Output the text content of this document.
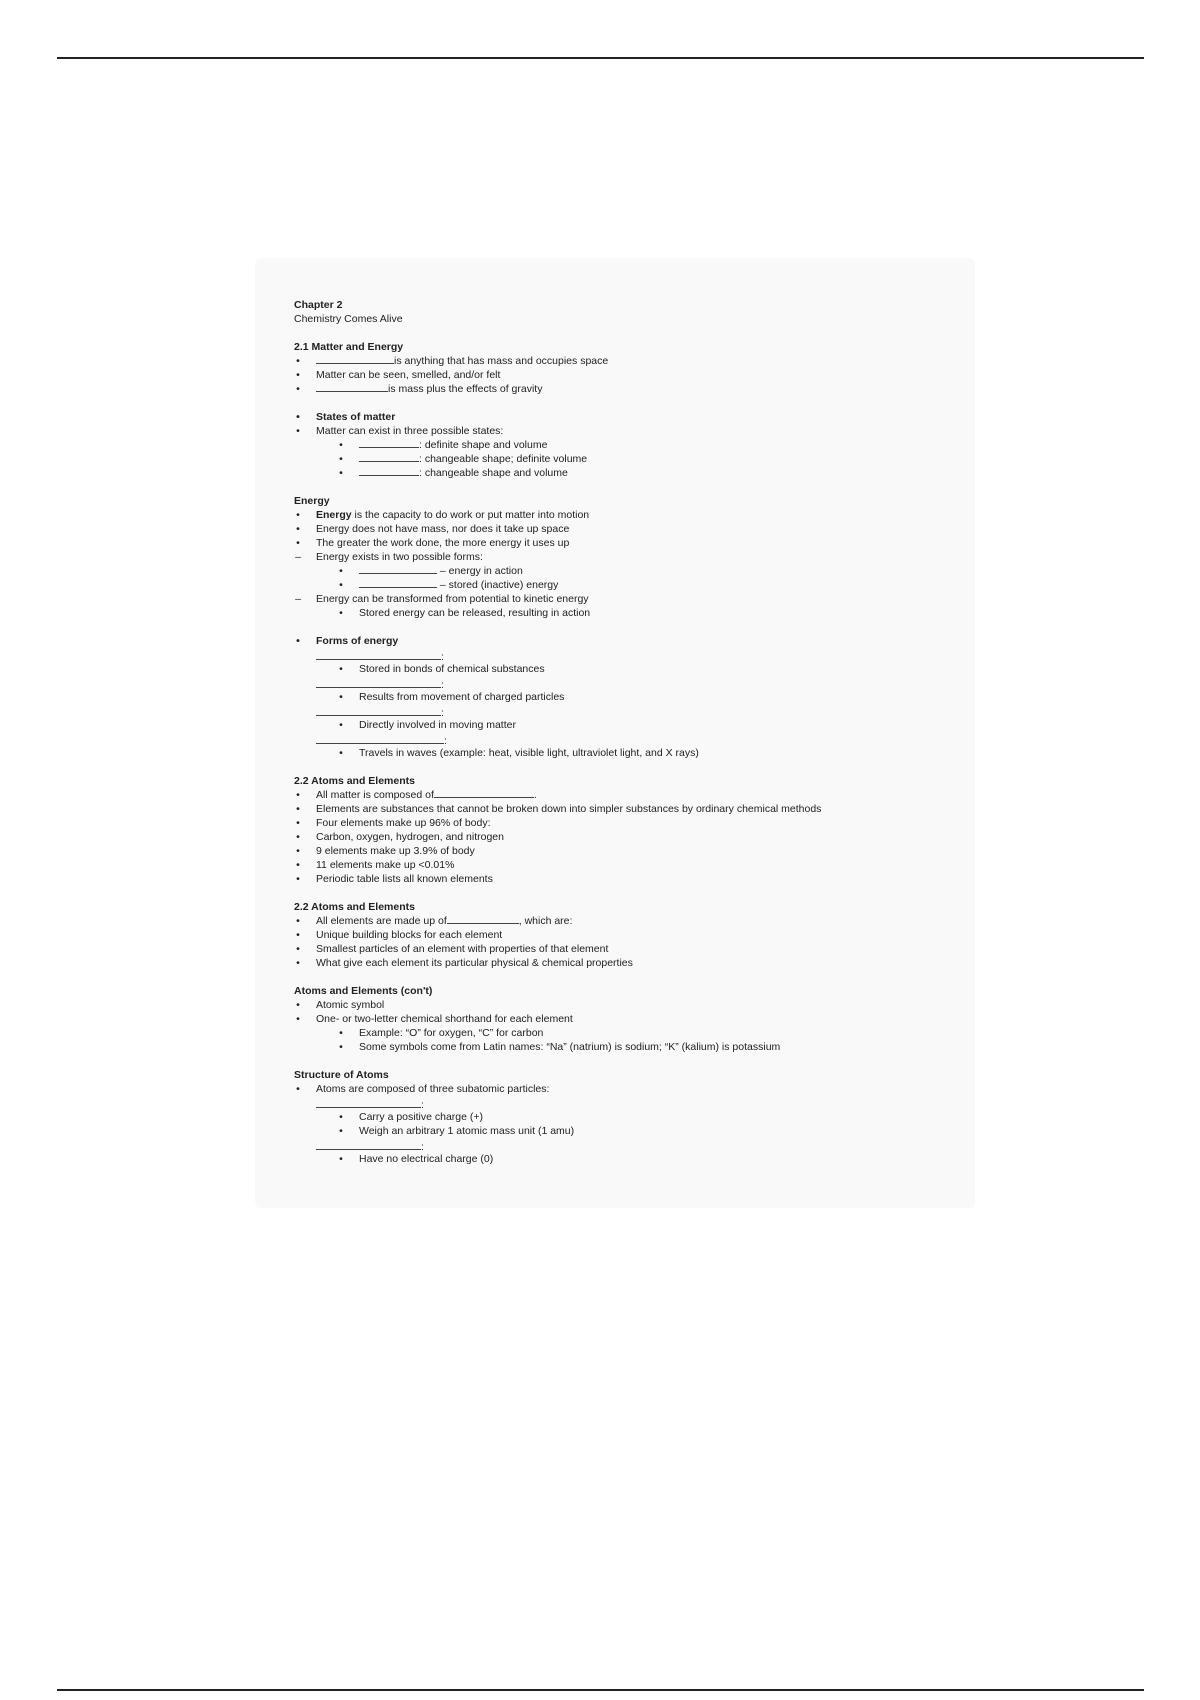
Chapter 2
Chemistry Comes Alive
2.1 Matter and Energy
•	is anything that has mass and occupies space
• Matter can be seen, smelled, and/or felt
•	is mass plus the effects of gravity
• States of matter
• Matter can exist in three possible states:
•	: definite shape and volume
•	: changeable shape; definite volume
•	: changeable shape and volume
Energy
• Energy is the capacity to do work or put matter into motion
• Energy does not have mass, nor does it take up space
• The greater the work done, the more energy it uses up
– Energy exists in two possible forms:
•	– energy in action
•	– stored (inactive) energy
– Energy can be transformed from potential to kinetic energy
• Stored energy can be released, resulting in action
• Forms of energy
:
• Stored in bonds of chemical substances
:
• Results from movement of charged particles
:
• Directly involved in moving matter
:
• Travels in waves (example: heat, visible light, ultraviolet light, and X rays)
2.2 Atoms and Elements
• All matter is composed of	.
• Elements are substances that cannot be broken down into simpler substances by ordinary chemical methods
• Four elements make up 96% of body:
• Carbon, oxygen, hydrogen, and nitrogen
• 9 elements make up 3.9% of body
• 11 elements make up <0.01%
• Periodic table lists all known elements
2.2 Atoms and Elements
• All elements are made up of	, which are:
• Unique building blocks for each element
• Smallest particles of an element with properties of that element
• What give each element its particular physical & chemical properties
Atoms and Elements (con't)
• Atomic symbol
• One- or two-letter chemical shorthand for each element
• Example: “O” for oxygen, “C” for carbon
• Some symbols come from Latin names: “Na” (natrium) is sodium; “K” (kalium) is potassium
Structure of Atoms
• Atoms are composed of three subatomic particles:
:
• Carry a positive charge (+)
• Weigh an arbitrary 1 atomic mass unit (1 amu)
:
• Have no electrical charge (0)
